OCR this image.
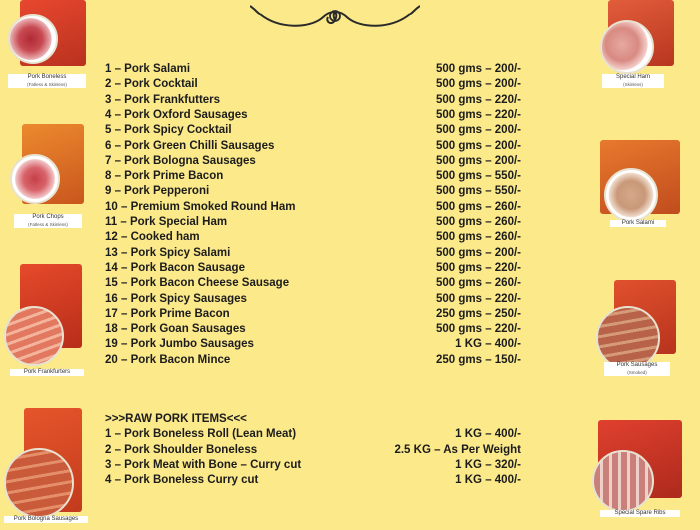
Pork Boneless
(Fatless & Skinless)
Pork Chops
(Fatless & Skinless)
Pork Frankfurters
Pork Bologna Sausages
Special Ham
(Skinless)
Pork Salami
Pork Sausages
(Smoked)
Special Spare Ribs
1 – Pork Salami	500 gms – 200/-
2 – Pork Cocktail	500 gms – 200/-
3 – Pork Frankfutters	500 gms – 220/-
4 – Pork Oxford Sausages	500 gms – 220/-
5 – Pork Spicy Cocktail	500 gms – 200/-
6 – Pork Green Chilli Sausages	500 gms – 200/-
7 – Pork Bologna Sausages	500 gms – 200/-
8 – Pork Prime Bacon	500 gms – 550/-
9 – Pork Pepperoni	500 gms – 550/-
10 – Premium Smoked Round Ham	500 gms – 260/-
11 – Pork Special Ham	500 gms – 260/-
12 – Cooked ham	500 gms – 260/-
13 – Pork Spicy Salami	500 gms – 200/-
14 – Pork Bacon Sausage	500 gms – 220/-
15 – Pork Bacon Cheese Sausage	500 gms – 260/-
16 – Pork Spicy Sausages	500 gms – 220/-
17 – Pork Prime Bacon	250 gms – 250/-
18 – Pork Goan Sausages	500 gms – 220/-
19 – Pork Jumbo Sausages	1 KG – 400/-
20 – Pork Bacon Mince	250 gms – 150/-
>>>RAW PORK ITEMS<<<
1 – Pork Boneless Roll (Lean Meat)	1 KG – 400/-
2 – Pork Shoulder Boneless	2.5 KG – As Per Weight
3 – Pork Meat with Bone – Curry cut	1 KG – 320/-
4 – Pork Boneless Curry cut	1 KG – 400/-
